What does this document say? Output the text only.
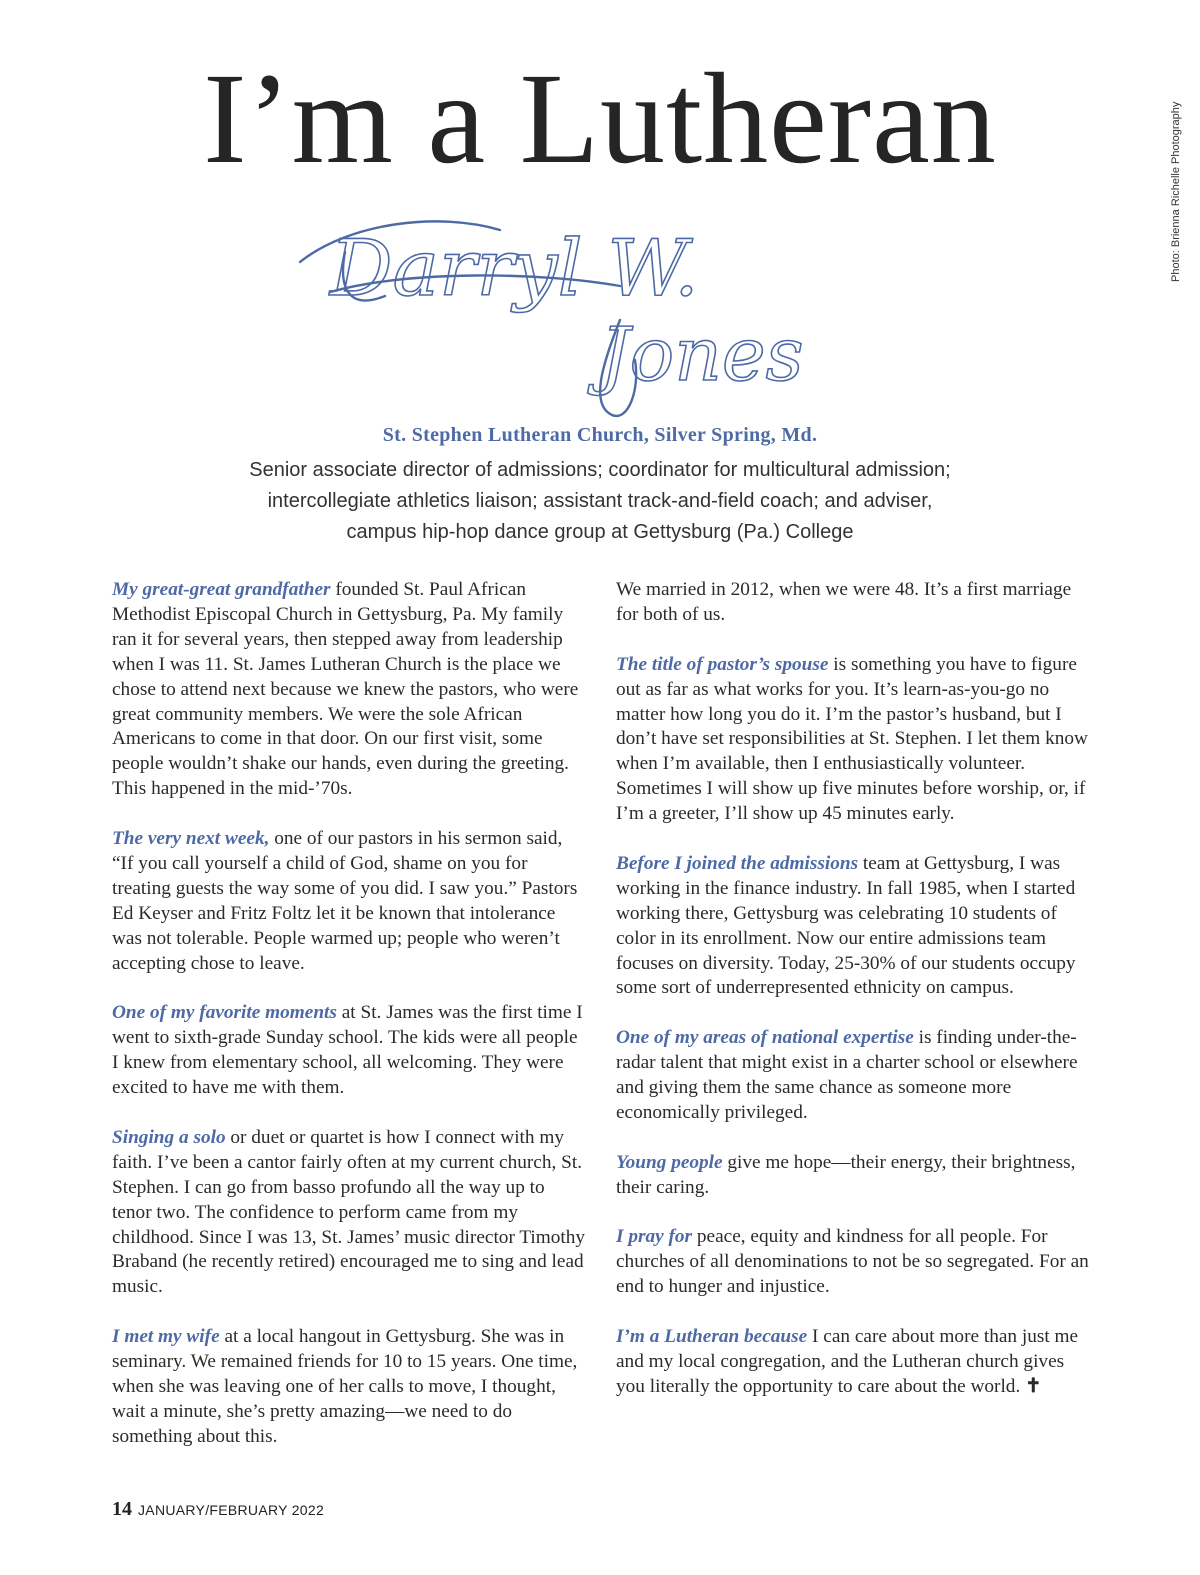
Photo: Brienna Richelle Photography
I’m a Lutheran
Darryl W.
Jones
St. Stephen Lutheran Church, Silver Spring, Md.

Senior associate director of admissions; coordinator for multicultural admission;
intercollegiate athletics liaison; assistant track-and-field coach; and adviser,
campus hip-hop dance group at Gettysburg (Pa.) College

My great-great grandfather founded St. Paul African Methodist Episcopal Church in Gettysburg, Pa. My family ran it for several years, then stepped away from leadership when I was 11. St. James Lutheran Church is the place we chose to attend next because we knew the pastors, who were great community members. We were the sole African Americans to come in that door. On our first visit, some people wouldn’t shake our hands, even during the greeting. This happened in the mid-’70s.

The very next week, one of our pastors in his sermon said, “If you call yourself a child of God, shame on you for treating guests the way some of you did. I saw you.” Pastors Ed Keyser and Fritz Foltz let it be known that intolerance was not tolerable. People warmed up; people who weren’t accepting chose to leave.

One of my favorite moments at St. James was the first time I went to sixth-grade Sunday school. The kids were all people I knew from elementary school, all welcoming. They were excited to have me with them.

Singing a solo or duet or quartet is how I connect with my faith. I’ve been a cantor fairly often at my current church, St. Stephen. I can go from basso profundo all the way up to tenor two. The confidence to perform came from my childhood. Since I was 13, St. James’ music director Timothy Braband (he recently retired) encouraged me to sing and lead music.

I met my wife at a local hangout in Gettysburg. She was in seminary. We remained friends for 10 to 15 years. One time, when she was leaving one of her calls to move, I thought, wait a minute, she’s pretty amazing—we need to do something about this.

We married in 2012, when we were 48. It’s a first marriage for both of us.

The title of pastor’s spouse is something you have to figure out as far as what works for you. It’s learn-as-you-go no matter how long you do it. I’m the pastor’s husband, but I don’t have set responsibilities at St. Stephen. I let them know when I’m available, then I enthusiastically volunteer. Sometimes I will show up five minutes before worship, or, if I’m a greeter, I’ll show up 45 minutes early.

Before I joined the admissions team at Gettysburg, I was working in the finance industry. In fall 1985, when I started working there, Gettysburg was celebrating 10 students of color in its enrollment. Now our entire admissions team focuses on diversity. Today, 25-30% of our students occupy some sort of underrepresented ethnicity on campus.

One of my areas of national expertise is finding under-the-radar talent that might exist in a charter school or elsewhere and giving them the same chance as someone more economically privileged.

Young people give me hope—their energy, their brightness, their caring.

I pray for peace, equity and kindness for all people. For churches of all denominations to not be so segregated. For an end to hunger and injustice.

I’m a Lutheran because I can care about more than just me and my local congregation, and the Lutheran church gives you literally the opportunity to care about the world. ✝

14 JANUARY/FEBRUARY 2022
